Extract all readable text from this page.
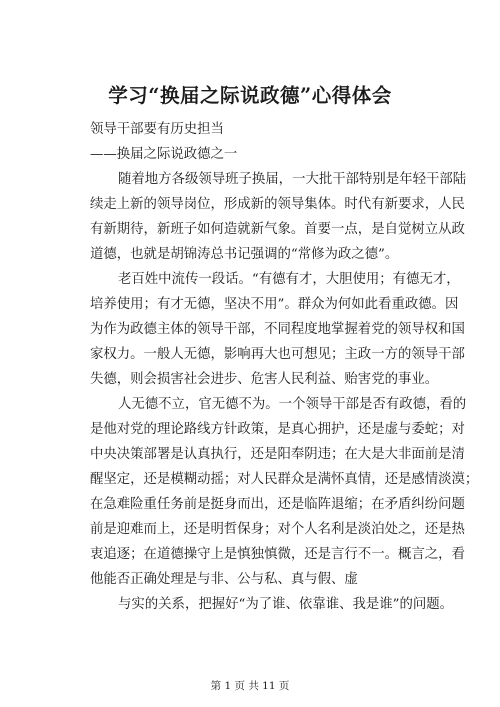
学习“换届之际说政德”心得体会
领导干部要有历史担当
——换届之际说政德之一
随着地方各级领导班子换届，一大批干部特别是年轻干部陆
续走上新的领导岗位，形成新的领导集体。时代有新要求，人民
有新期待，新班子如何造就新气象。首要一点，是自觉树立从政
道德，也就是胡锦涛总书记强调的“常修为政之德”。
老百姓中流传一段话。“有德有才，大胆使用；有德无才，
培养使用；有才无德，坚决不用”。群众为何如此看重政德。因
为作为政德主体的领导干部，不同程度地掌握着党的领导权和国
家权力。一般人无德，影响再大也可想见；主政一方的领导干部
失德，则会损害社会进步、危害人民利益、贻害党的事业。
人无德不立，官无德不为。一个领导干部是否有政德，看的
是他对党的理论路线方针政策，是真心拥护，还是虚与委蛇；对
中央决策部署是认真执行，还是阳奉阴违；在大是大非面前是清
醒坚定，还是模糊动摇；对人民群众是满怀真情，还是感情淡漠；
在急难险重任务前是挺身而出，还是临阵退缩；在矛盾纠纷问题
前是迎难而上，还是明哲保身；对个人名利是淡泊处之，还是热
衷追逐；在道德操守上是慎独慎微，还是言行不一。概言之，看
他能否正确处理是与非、公与私、真与假、虚
与实的关系，把握好“为了谁、依靠谁、我是谁”的问题。
第 1 页 共 11 页
